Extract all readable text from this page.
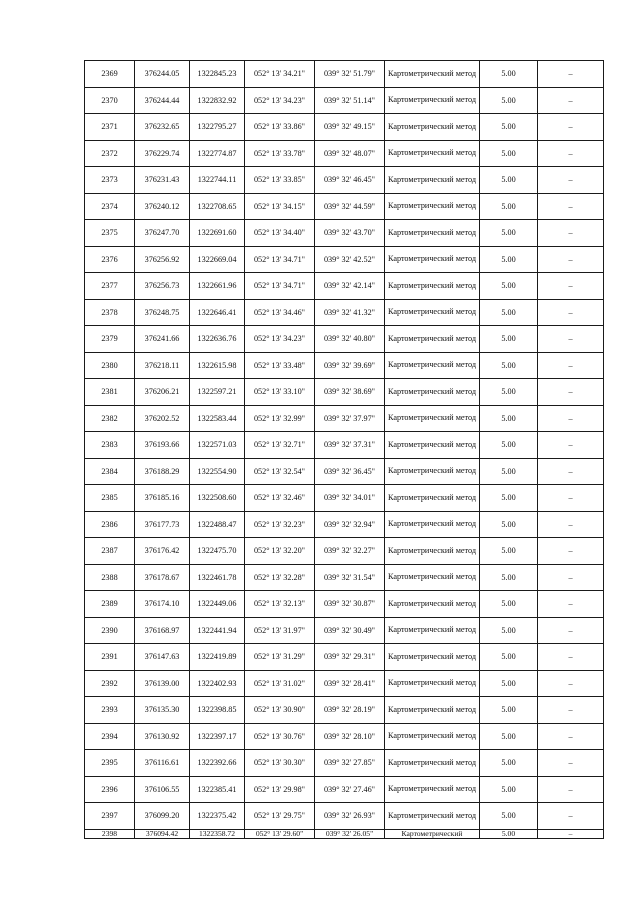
2369	376244.05	1322845.23	052° 13' 34.21"	039° 32' 51.79"	Картометрический метод	5.00	–
2370	376244.44	1322832.92	052° 13' 34.23"	039° 32' 51.14"	Картометрический метод	5.00	–
2371	376232.65	1322795.27	052° 13' 33.86"	039° 32' 49.15"	Картометрический метод	5.00	–
2372	376229.74	1322774.87	052° 13' 33.78"	039° 32' 48.07"	Картометрический метод	5.00	–
2373	376231.43	1322744.11	052° 13' 33.85"	039° 32' 46.45"	Картометрический метод	5.00	–
2374	376240.12	1322708.65	052° 13' 34.15"	039° 32' 44.59"	Картометрический метод	5.00	–
2375	376247.70	1322691.60	052° 13' 34.40"	039° 32' 43.70"	Картометрический метод	5.00	–
2376	376256.92	1322669.04	052° 13' 34.71"	039° 32' 42.52"	Картометрический метод	5.00	–
2377	376256.73	1322661.96	052° 13' 34.71"	039° 32' 42.14"	Картометрический метод	5.00	–
2378	376248.75	1322646.41	052° 13' 34.46"	039° 32' 41.32"	Картометрический метод	5.00	–
2379	376241.66	1322636.76	052° 13' 34.23"	039° 32' 40.80"	Картометрический метод	5.00	–
2380	376218.11	1322615.98	052° 13' 33.48"	039° 32' 39.69"	Картометрический метод	5.00	–
2381	376206.21	1322597.21	052° 13' 33.10"	039° 32' 38.69"	Картометрический метод	5.00	–
2382	376202.52	1322583.44	052° 13' 32.99"	039° 32' 37.97"	Картометрический метод	5.00	–
2383	376193.66	1322571.03	052° 13' 32.71"	039° 32' 37.31"	Картометрический метод	5.00	–
2384	376188.29	1322554.90	052° 13' 32.54"	039° 32' 36.45"	Картометрический метод	5.00	–
2385	376185.16	1322508.60	052° 13' 32.46"	039° 32' 34.01"	Картометрический метод	5.00	–
2386	376177.73	1322488.47	052° 13' 32.23"	039° 32' 32.94"	Картометрический метод	5.00	–
2387	376176.42	1322475.70	052° 13' 32.20"	039° 32' 32.27"	Картометрический метод	5.00	–
2388	376178.67	1322461.78	052° 13' 32.28"	039° 32' 31.54"	Картометрический метод	5.00	–
2389	376174.10	1322449.06	052° 13' 32.13"	039° 32' 30.87"	Картометрический метод	5.00	–
2390	376168.97	1322441.94	052° 13' 31.97"	039° 32' 30.49"	Картометрический метод	5.00	–
2391	376147.63	1322419.89	052° 13' 31.29"	039° 32' 29.31"	Картометрический метод	5.00	–
2392	376139.00	1322402.93	052° 13' 31.02"	039° 32' 28.41"	Картометрический метод	5.00	–
2393	376135.30	1322398.85	052° 13' 30.90"	039° 32' 28.19"	Картометрический метод	5.00	–
2394	376130.92	1322397.17	052° 13' 30.76"	039° 32' 28.10"	Картометрический метод	5.00	–
2395	376116.61	1322392.66	052° 13' 30.30"	039° 32' 27.85"	Картометрический метод	5.00	–
2396	376106.55	1322385.41	052° 13' 29.98"	039° 32' 27.46"	Картометрический метод	5.00	–
2397	376099.20	1322375.42	052° 13' 29.75"	039° 32' 26.93"	Картометрический метод	5.00	–
2398	376094.42	1322358.72	052° 13' 29.60"	039° 32' 26.05"	Картометрический	5.00	–
